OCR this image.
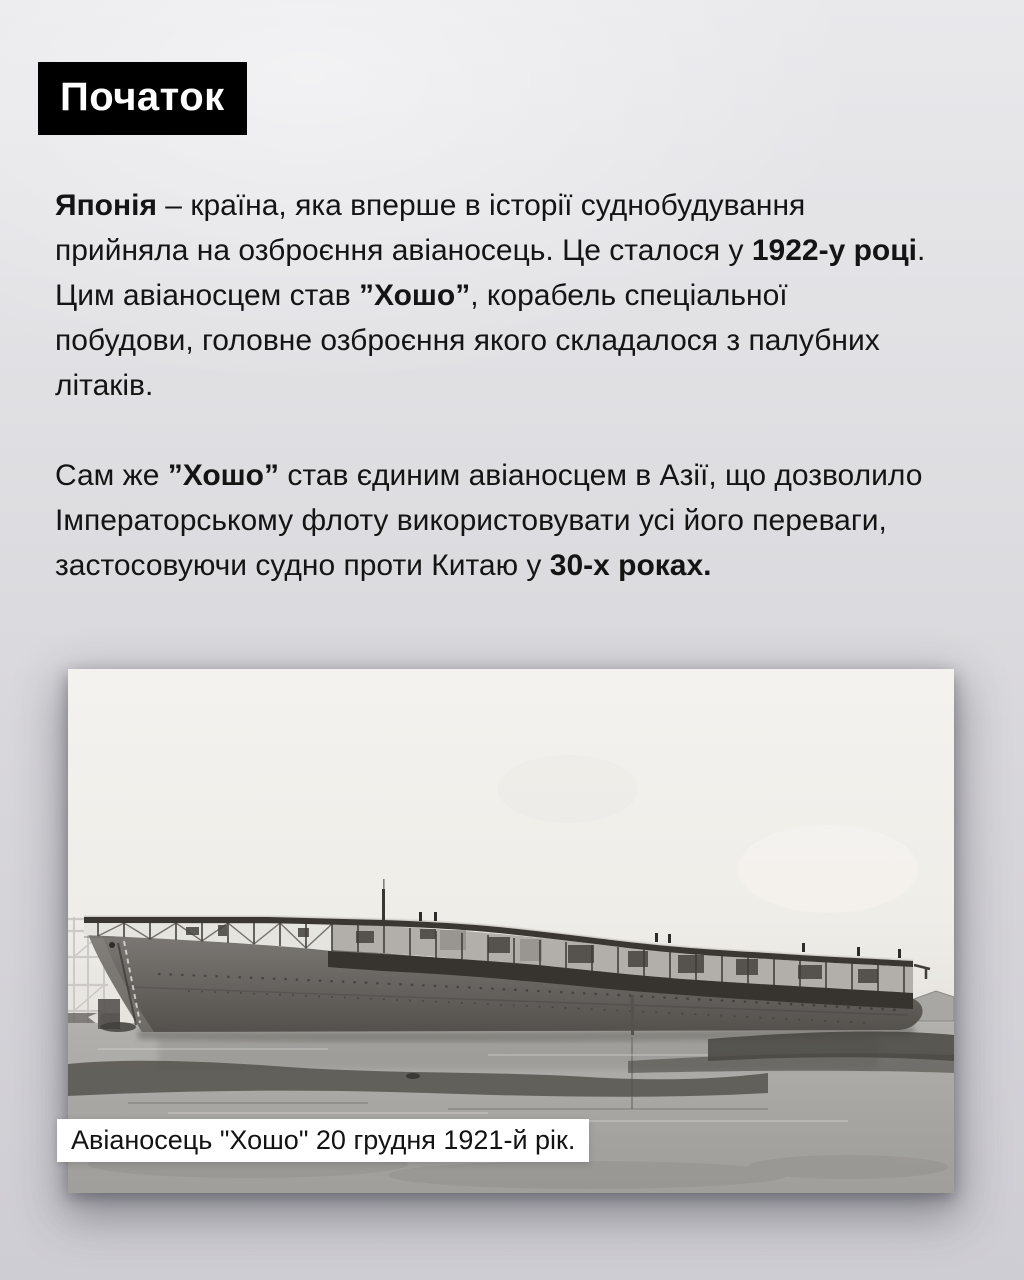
Початок
Японія – країна, яка вперше в історії суднобудування
прийняла на озброєння авіаносець. Це сталося у 1922-у році.
Цим авіаносцем став ”Хошо”, корабель спеціальної
побудови, головне озброєння якого складалося з палубних
літаків.
Сам же ”Хошо” став єдиним авіаносцем в Азії, що дозволило
Імператорському флоту використовувати усі його переваги,
застосовуючи судно проти Китаю у 30-х роках.
Авіаносець "Хошо" 20 грудня 1921-й рік.
